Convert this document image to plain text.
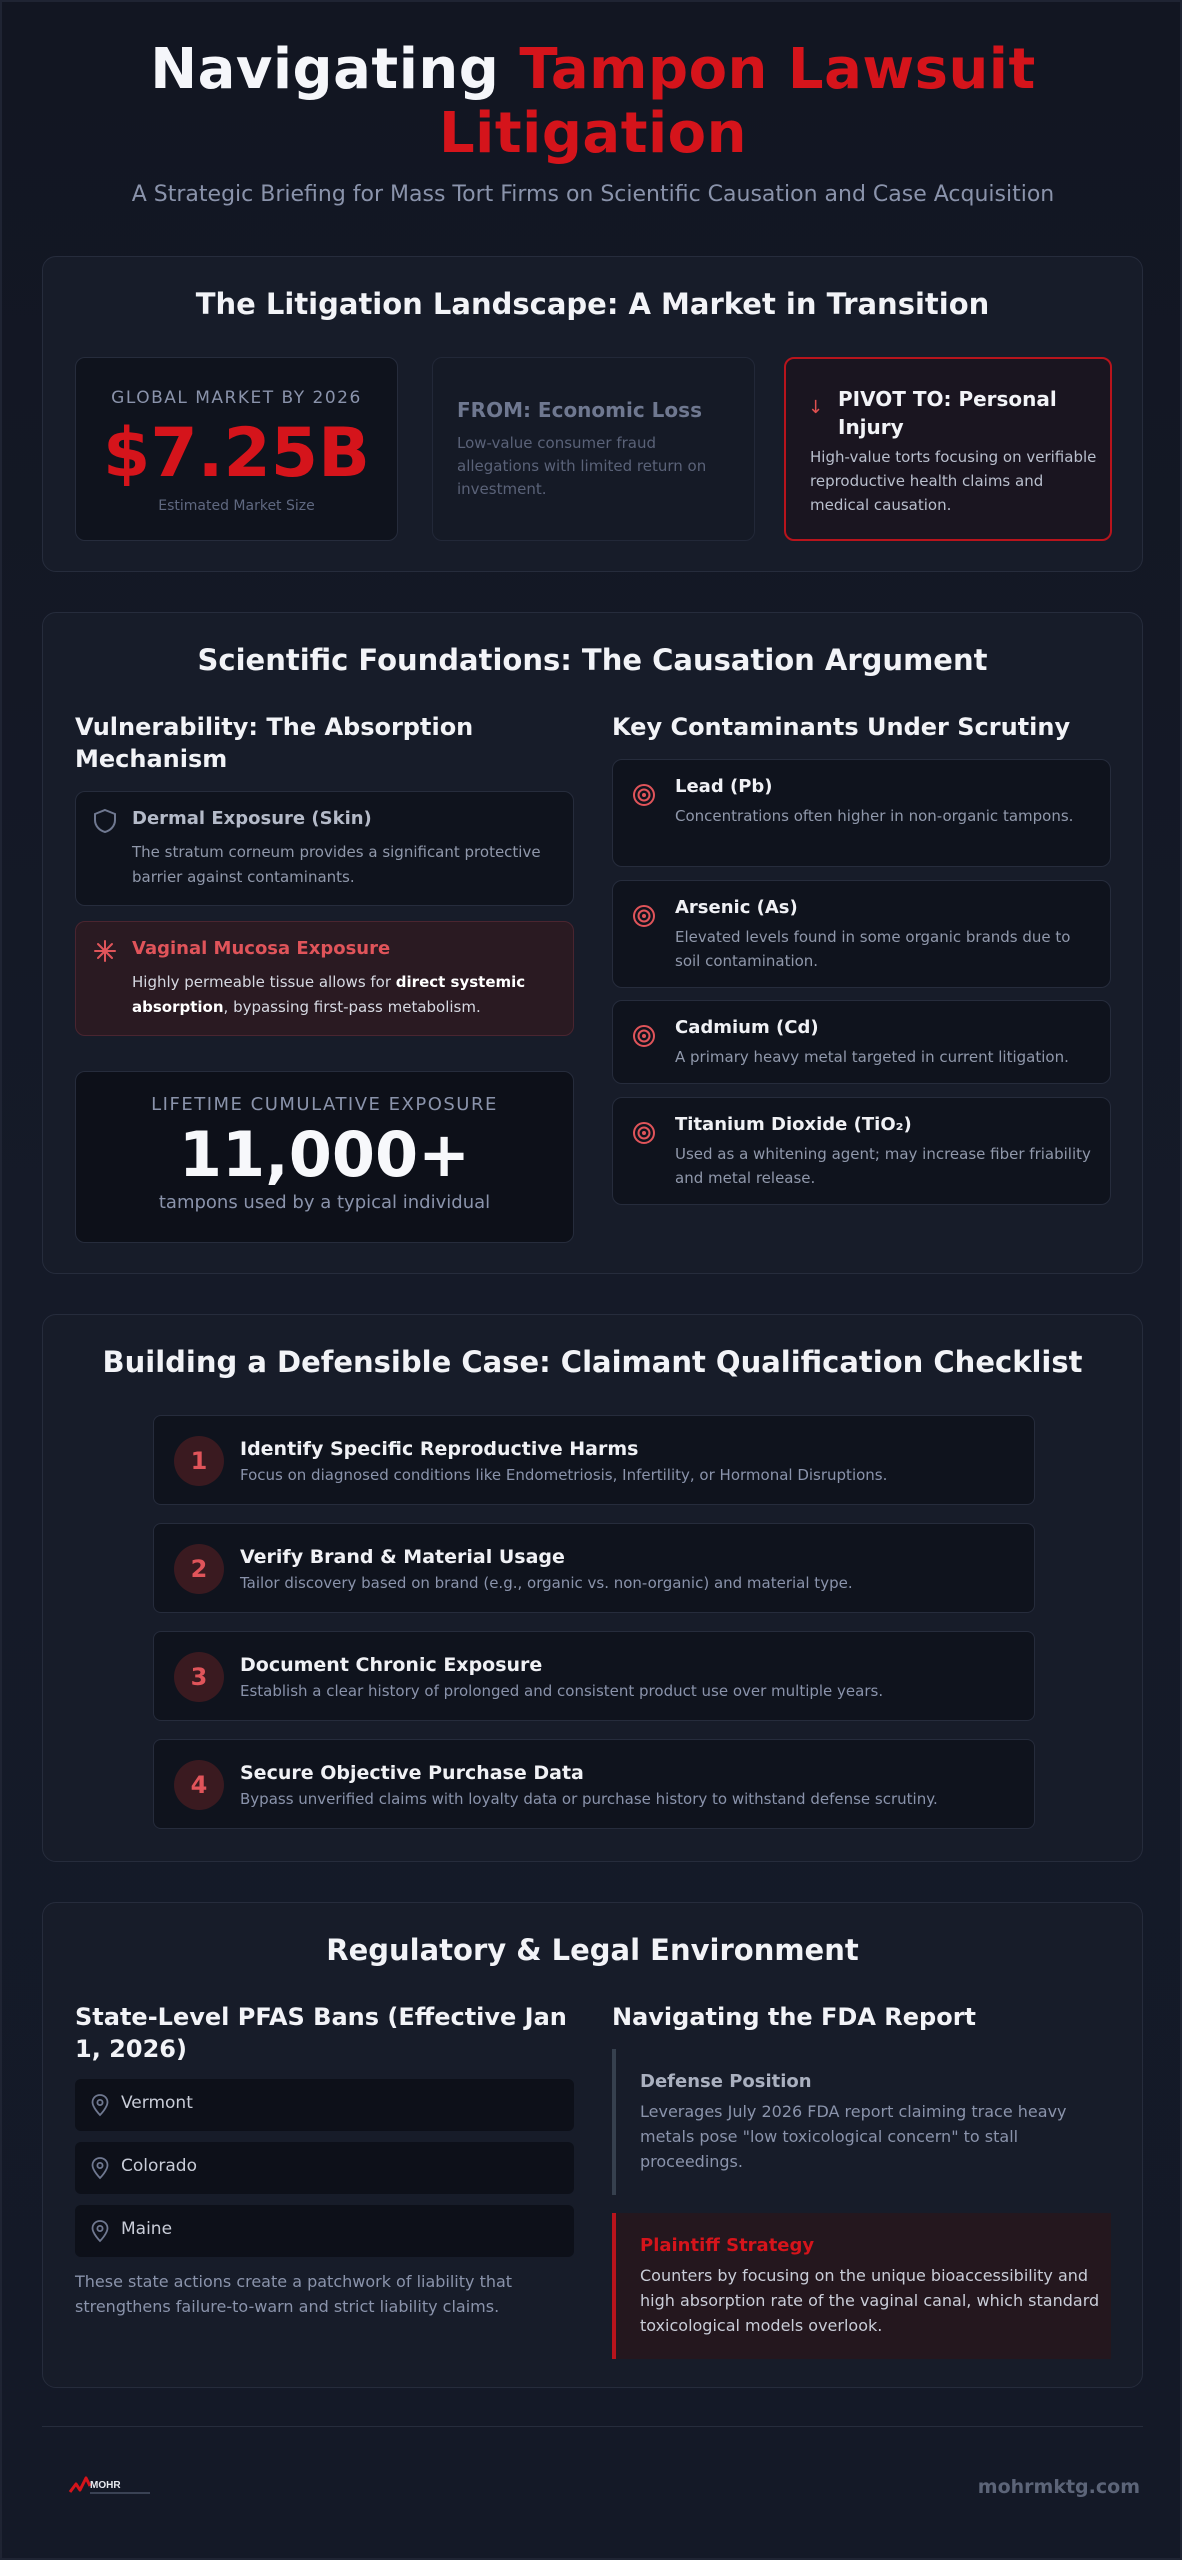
Navigating Tampon Lawsuit Litigation
A Strategic Briefing for Mass Tort Firms on Scientific Causation and Case Acquisition
The Litigation Landscape: A Market in Transition
GLOBAL MARKET BY 2026
$7.25B
Estimated Market Size
FROM: Economic Loss
Low-value consumer fraud allegations with limited return on investment.
↓ PIVOT TO: Personal Injury
High-value torts focusing on verifiable reproductive health claims and medical causation.
Scientific Foundations: The Causation Argument
Vulnerability: The Absorption Mechanism
Key Contaminants Under Scrutiny
Dermal Exposure (Skin)
The stratum corneum provides a significant protective barrier against contaminants.
Vaginal Mucosa Exposure
Highly permeable tissue allows for direct systemic absorption, bypassing first-pass metabolism.
LIFETIME CUMULATIVE EXPOSURE
11,000+
tampons used by a typical individual
Lead (Pb)
Concentrations often higher in non-organic tampons.
Arsenic (As)
Elevated levels found in some organic brands due to soil contamination.
Cadmium (Cd)
A primary heavy metal targeted in current litigation.
Titanium Dioxide (TiO₂)
Used as a whitening agent; may increase fiber friability and metal release.
Building a Defensible Case: Claimant Qualification Checklist
1	Identify Specific Reproductive Harms
Focus on diagnosed conditions like Endometriosis, Infertility, or Hormonal Disruptions.
2	Verify Brand & Material Usage
Tailor discovery based on brand (e.g., organic vs. non-organic) and material type.
3	Document Chronic Exposure
Establish a clear history of prolonged and consistent product use over multiple years.
4	Secure Objective Purchase Data
Bypass unverified claims with loyalty data or purchase history to withstand defense scrutiny.
Regulatory & Legal Environment
State-Level PFAS Bans (Effective Jan 1, 2026)
Navigating the FDA Report
Vermont
Colorado
Maine
These state actions create a patchwork of liability that strengthens failure-to-warn and strict liability claims.
Defense Position
Leverages July 2026 FDA report claiming trace heavy metals pose "low toxicological concern" to stall proceedings.
Plaintiff Strategy
Counters by focusing on the unique bioaccessibility and high absorption rate of the vaginal canal, which standard toxicological models overlook.
MOHR	mohrmktg.com
